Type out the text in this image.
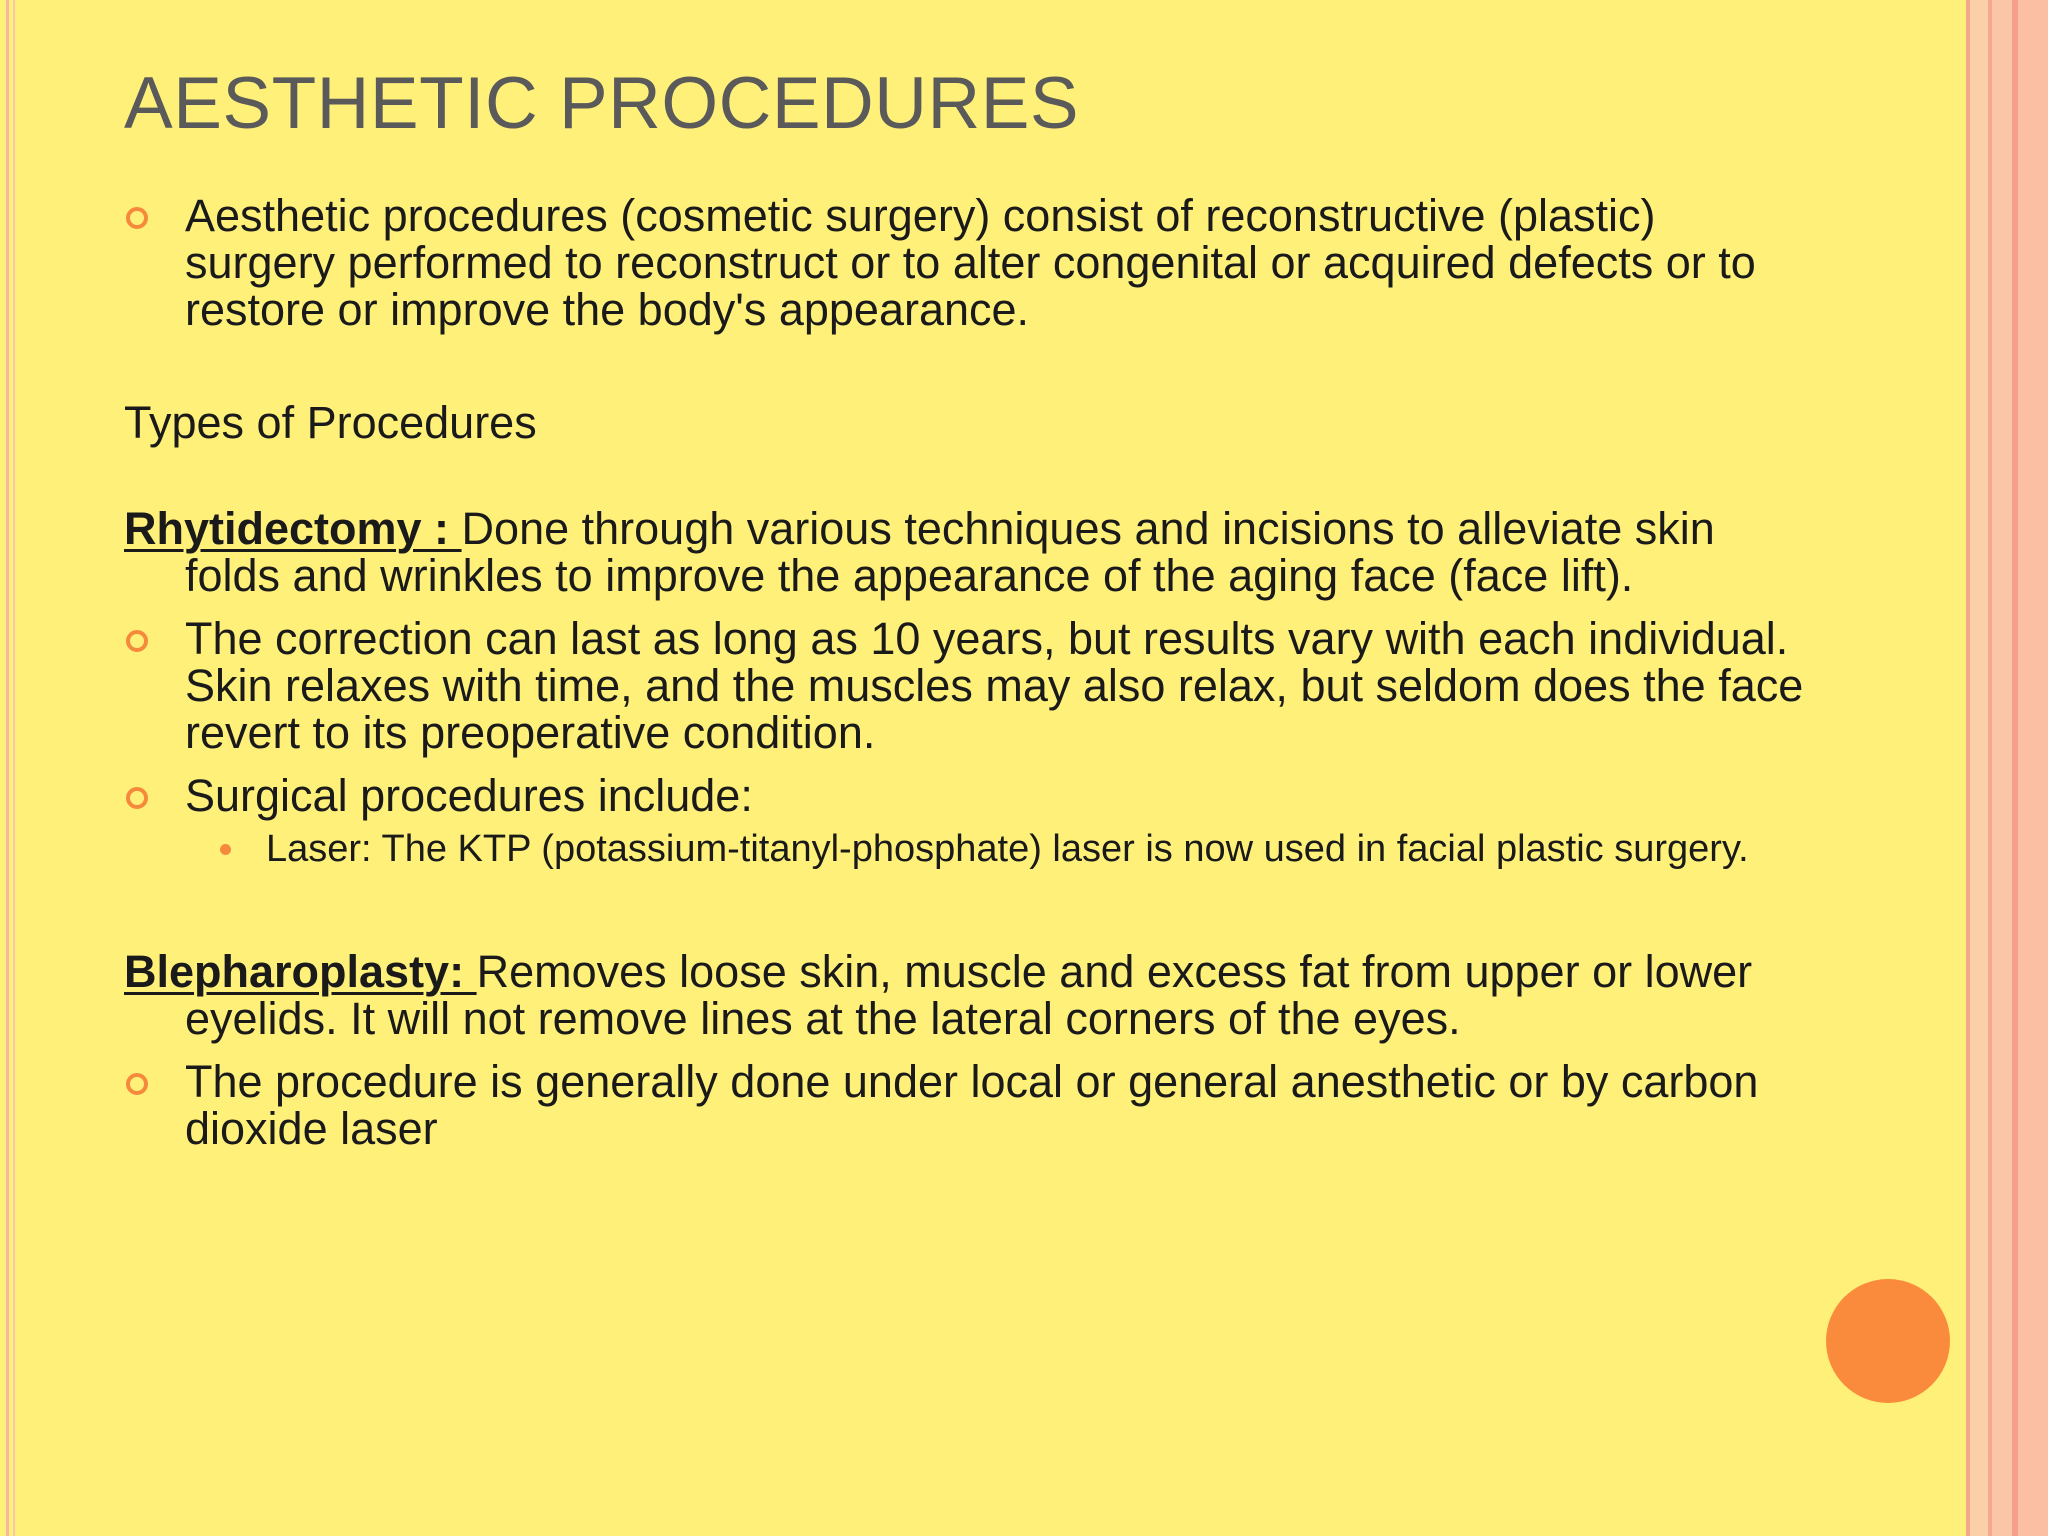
AESTHETIC PROCEDURES

Aesthetic procedures (cosmetic surgery) consist of reconstructive (plastic) surgery performed to reconstruct or to alter congenital or acquired defects or to restore or improve the body's appearance.

Types of Procedures

Rhytidectomy : Done through various techniques and incisions to alleviate skin folds and wrinkles to improve the appearance of the aging face (face lift).

The correction can last as long as 10 years, but results vary with each individual. Skin relaxes with time, and the muscles may also relax, but seldom does the face revert to its preoperative condition.

Surgical procedures include:

Laser: The KTP (potassium-titanyl-phosphate) laser is now used in facial plastic surgery.

Blepharoplasty: Removes loose skin, muscle and excess fat from upper or lower eyelids. It will not remove lines at the lateral corners of the eyes.

The procedure is generally done under local or general anesthetic or by carbon dioxide laser
